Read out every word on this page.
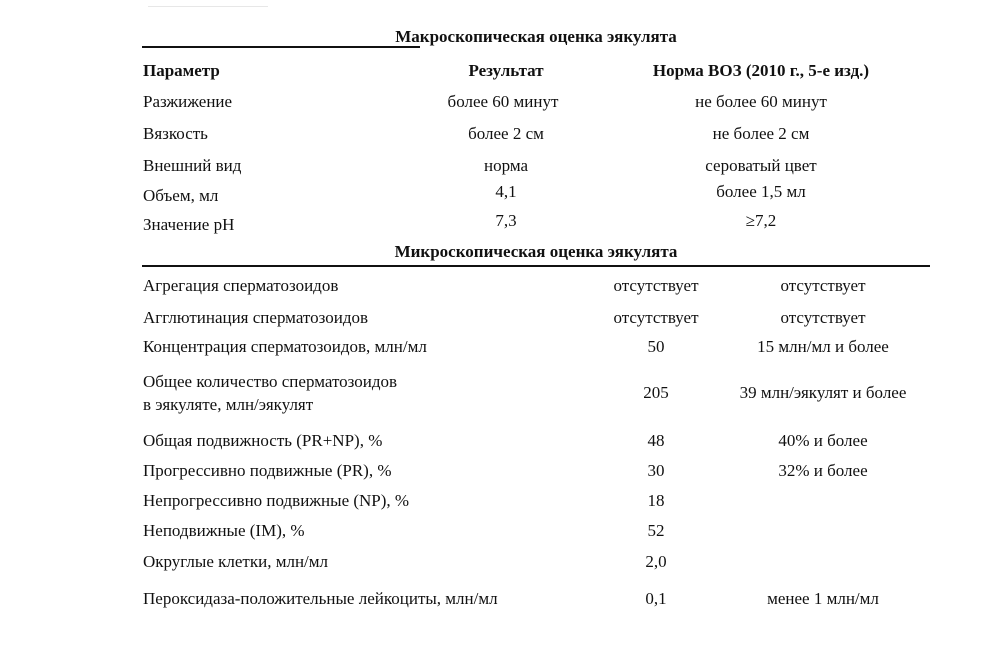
Макроскопическая оценка эякулята
Параметр	Результат	Норма ВОЗ (2010 г., 5-е изд.)
Разжижение	более 60 минут	не более 60 минут
Вязкость	более 2 см	не более 2 см
Внешний вид	норма	сероватый цвет
Объем, мл	4,1	более 1,5 мл
Значение pH	7,3	≥7,2
Микроскопическая оценка эякулята
Агрегация сперматозоидов	отсутствует	отсутствует
Агглютинация сперматозоидов	отсутствует	отсутствует
Концентрация сперматозоидов, млн/мл	50	15 млн/мл и более
Общее количество сперматозоидов
в эякуляте, млн/эякулят
205	39 млн/эякулят и более
Общая подвижность (PR+NP), %	48	40% и более
Прогрессивно подвижные (PR), %	30	32% и более
Непрогрессивно подвижные (NP), %	18
Неподвижные (IM), %	52
Округлые клетки, млн/мл	2,0
Пероксидаза-положительные лейкоциты, млн/мл	0,1	менее 1 млн/мл
